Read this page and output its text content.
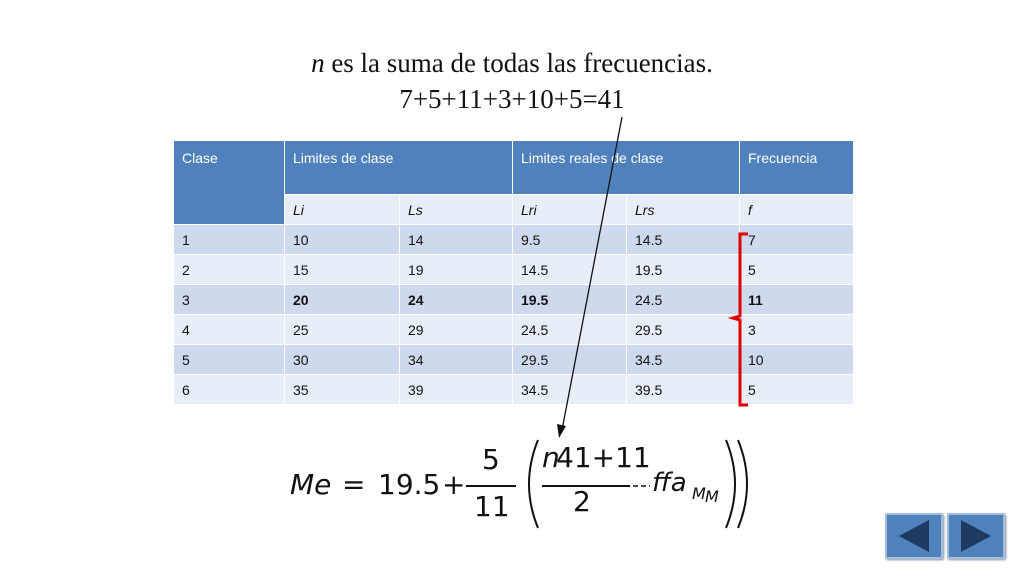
n es la suma de todas las frecuencias.
7+5+11+3+10+5=41
Clase	Limites de clase		Limites reales de clase		Frecuencia
	Li	Ls	Lri	Lrs	f
1	10	14	9.5	14.5	7
2	15	19	14.5	19.5	5
3	20	24	19.5	24.5	11
4	25	29	24.5	29.5	3
5	30	34	29.5	34.5	10
6	35	39	34.5	39.5	5
Me = 19.5 +
5
11
n
41+11
2
ffa M M
